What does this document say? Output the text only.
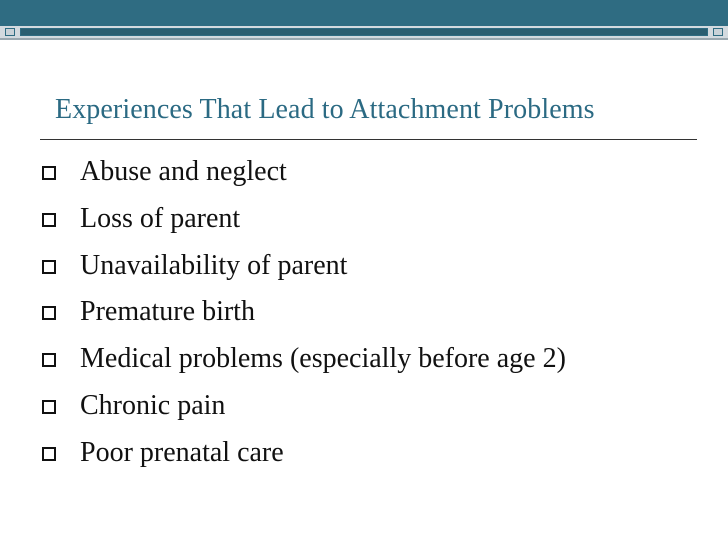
Experiences That Lead to Attachment Problems
Abuse and neglect
Loss of parent
Unavailability of parent
Premature birth
Medical problems (especially before age 2)
Chronic pain
Poor prenatal care
